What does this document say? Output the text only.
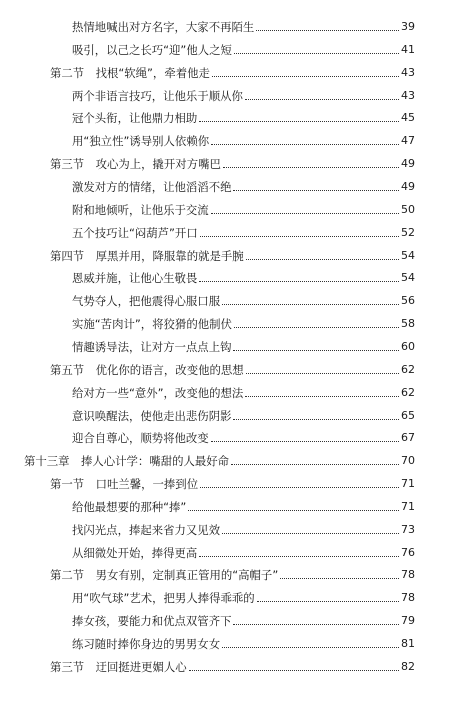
热情地喊出对方名字，大家不再陌生	39
吸引，以己之长巧“迎”他人之短	41
第二节　找根“软绳”，牵着他走	43
两个非语言技巧，让他乐于顺从你	43
冠个头衔，让他鼎力相助	45
用“独立性”诱导别人依赖你	47
第三节　攻心为上，撬开对方嘴巴	49
激发对方的情绪，让他滔滔不绝	49
附和地倾听，让他乐于交流	50
五个技巧让“闷葫芦”开口	52
第四节　厚黑并用，降服靠的就是手腕	54
恩威并施，让他心生敬畏	54
气势夺人，把他震得心服口服	56
实施“苦肉计”，将狡猾的他制伏	58
情趣诱导法，让对方一点点上钩	60
第五节　优化你的语言，改变他的思想	62
给对方一些“意外”，改变他的想法	62
意识唤醒法，使他走出悲伤阴影	65
迎合自尊心，顺势将他改变	67
第十三章　捧人心计学：嘴甜的人最好命	70
第一节　口吐兰馨，一捧到位	71
给他最想要的那种“捧”	71
找闪光点，捧起来省力又见效	73
从细微处开始，捧得更高	76
第二节　男女有别，定制真正管用的“高帽子”	78
用“吹气球”艺术，把男人捧得乖乖的	78
捧女孩，要能力和优点双管齐下	79
练习随时捧你身边的男男女女	81
第三节　迂回挺进更媚人心	82
